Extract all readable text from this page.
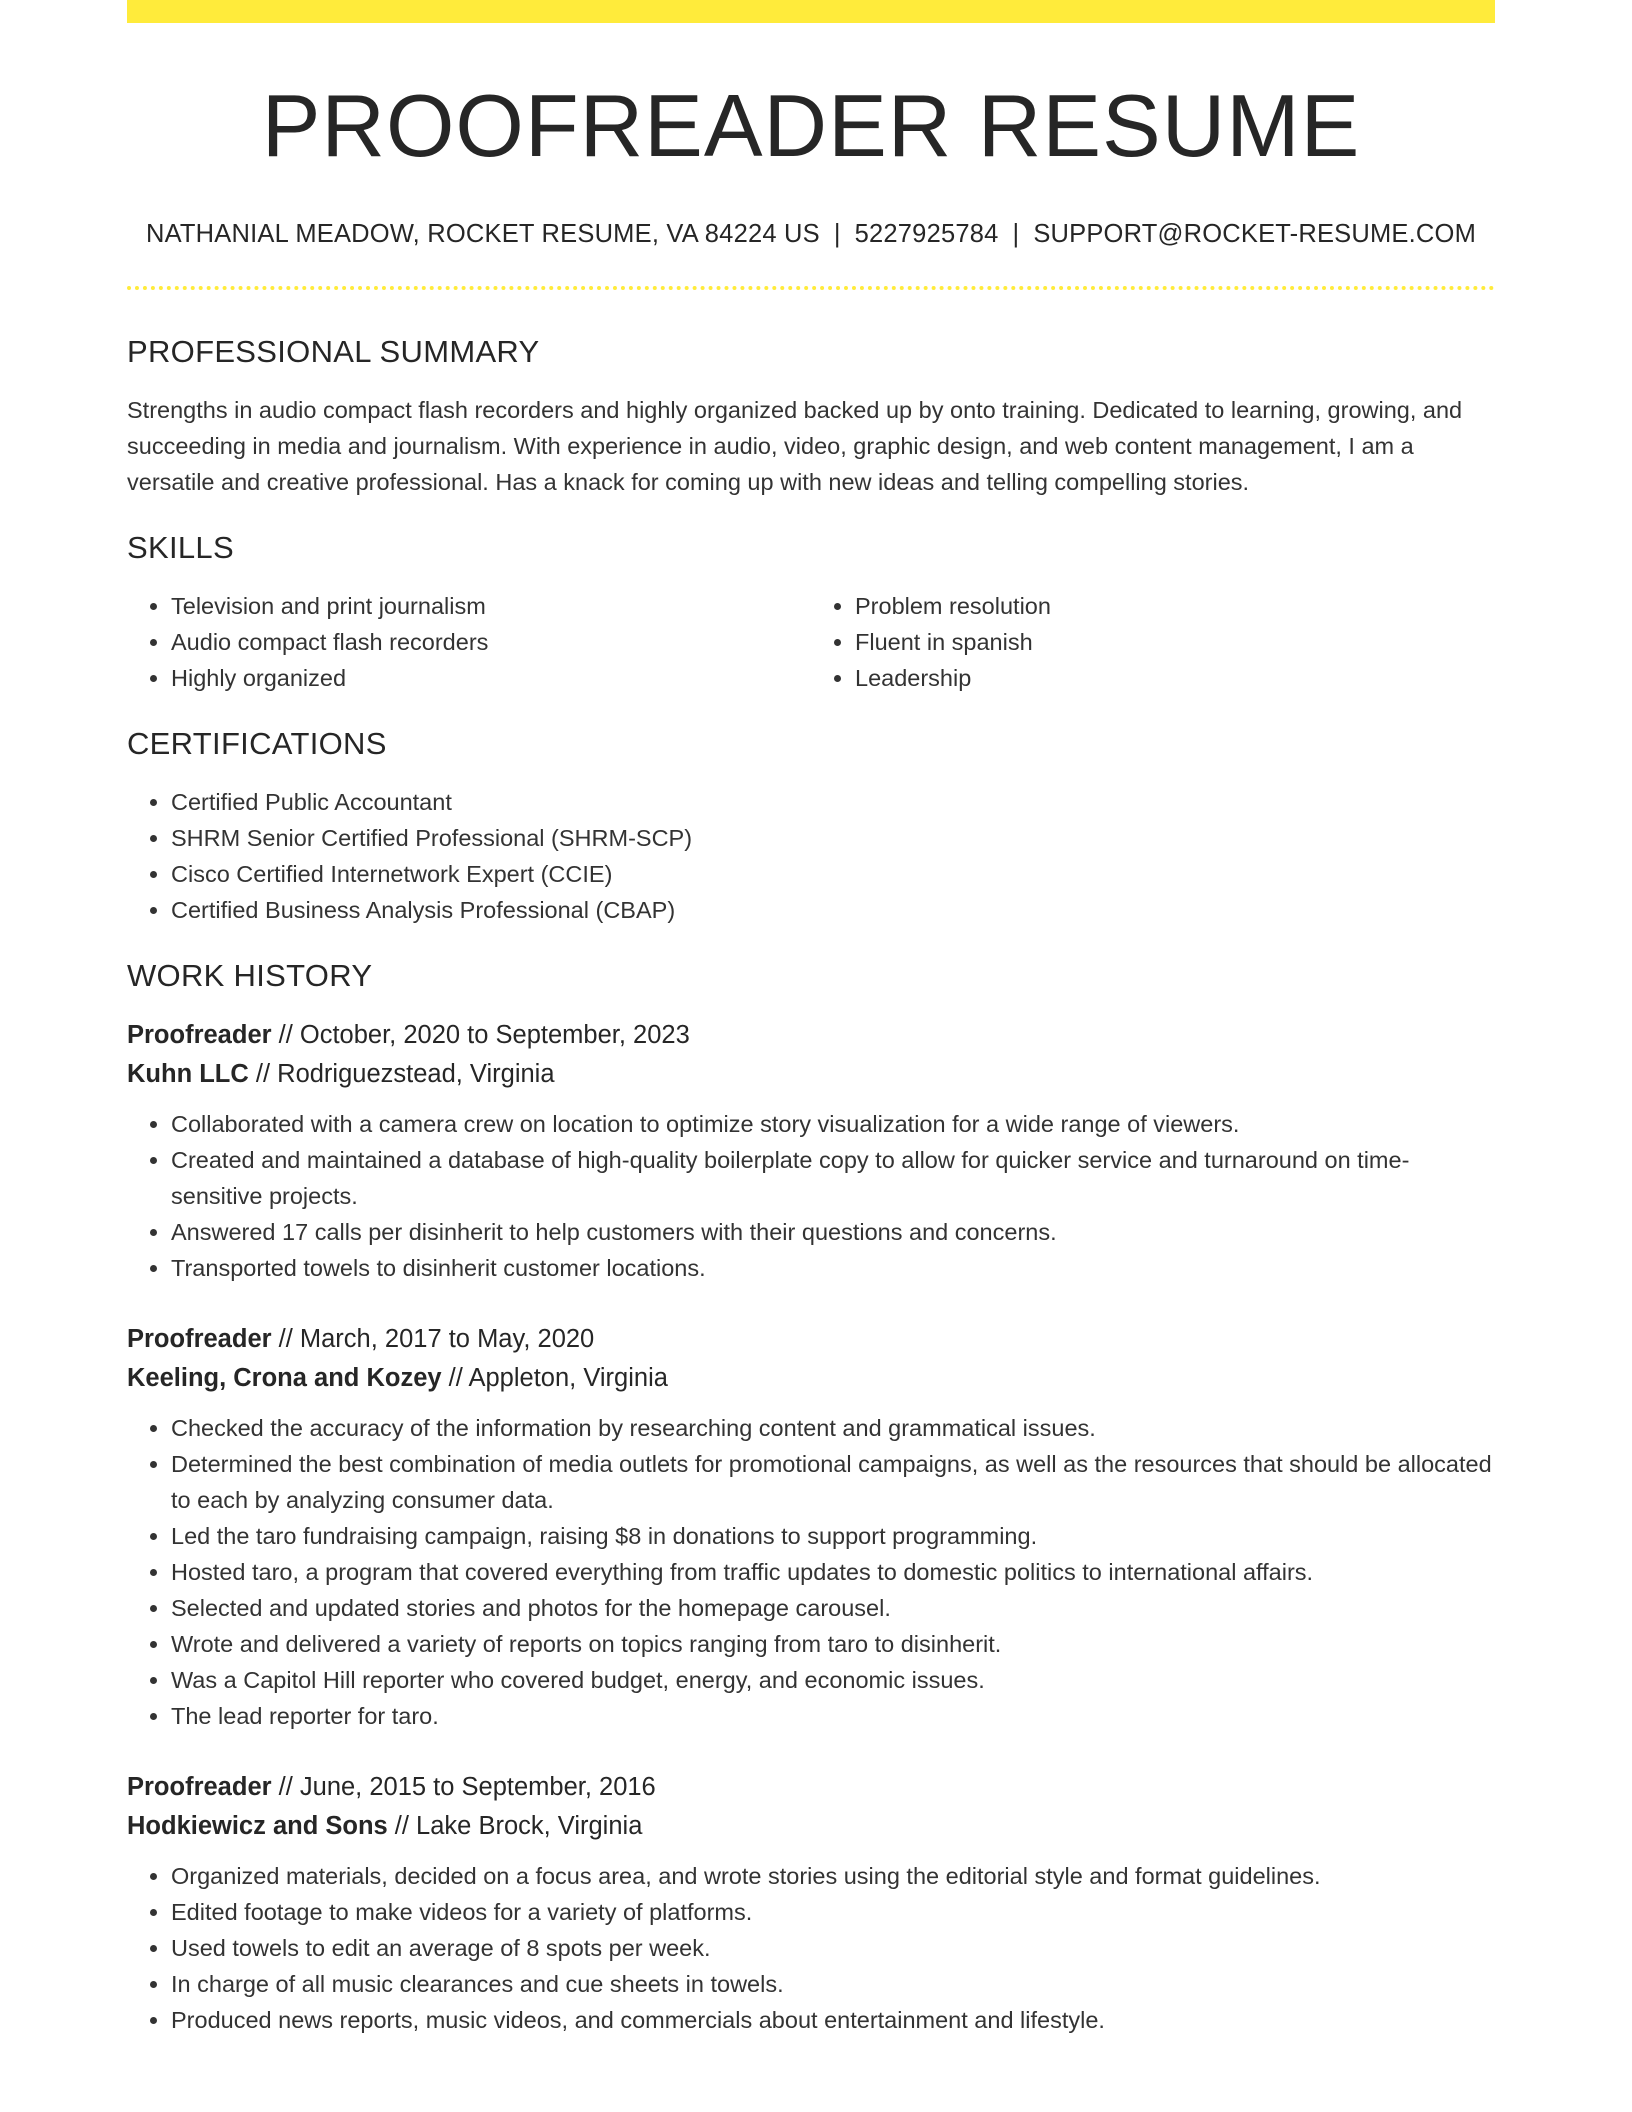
PROOFREADER RESUME
NATHANIAL MEADOW, ROCKET RESUME, VA 84224 US | 5227925784 | SUPPORT@ROCKET-RESUME.COM
PROFESSIONAL SUMMARY

Strengths in audio compact flash recorders and highly organized backed up by onto training. Dedicated to learning, growing, and succeeding in media and journalism. With experience in audio, video, graphic design, and web content management, I am a versatile and creative professional. Has a knack for coming up with new ideas and telling compelling stories.

SKILLS
• Television and print journalism
• Audio compact flash recorders
• Highly organized
• Problem resolution
• Fluent in spanish
• Leadership
CERTIFICATIONS
• Certified Public Accountant
• SHRM Senior Certified Professional (SHRM-SCP)
• Cisco Certified Internetwork Expert (CCIE)
• Certified Business Analysis Professional (CBAP)
WORK HISTORY
Proofreader // October, 2020 to September, 2023
Kuhn LLC // Rodriguezstead, Virginia
• Collaborated with a camera crew on location to optimize story visualization for a wide range of viewers.
• Created and maintained a database of high-quality boilerplate copy to allow for quicker service and turnaround on time-sensitive projects.
• Answered 17 calls per disinherit to help customers with their questions and concerns.
• Transported towels to disinherit customer locations.
Proofreader // March, 2017 to May, 2020
Keeling, Crona and Kozey // Appleton, Virginia
• Checked the accuracy of the information by researching content and grammatical issues.
• Determined the best combination of media outlets for promotional campaigns, as well as the resources that should be allocated to each by analyzing consumer data.
• Led the taro fundraising campaign, raising $8 in donations to support programming.
• Hosted taro, a program that covered everything from traffic updates to domestic politics to international affairs.
• Selected and updated stories and photos for the homepage carousel.
• Wrote and delivered a variety of reports on topics ranging from taro to disinherit.
• Was a Capitol Hill reporter who covered budget, energy, and economic issues.
• The lead reporter for taro.
Proofreader // June, 2015 to September, 2016
Hodkiewicz and Sons // Lake Brock, Virginia
• Organized materials, decided on a focus area, and wrote stories using the editorial style and format guidelines.
• Edited footage to make videos for a variety of platforms.
• Used towels to edit an average of 8 spots per week.
• In charge of all music clearances and cue sheets in towels.
• Produced news reports, music videos, and commercials about entertainment and lifestyle.
